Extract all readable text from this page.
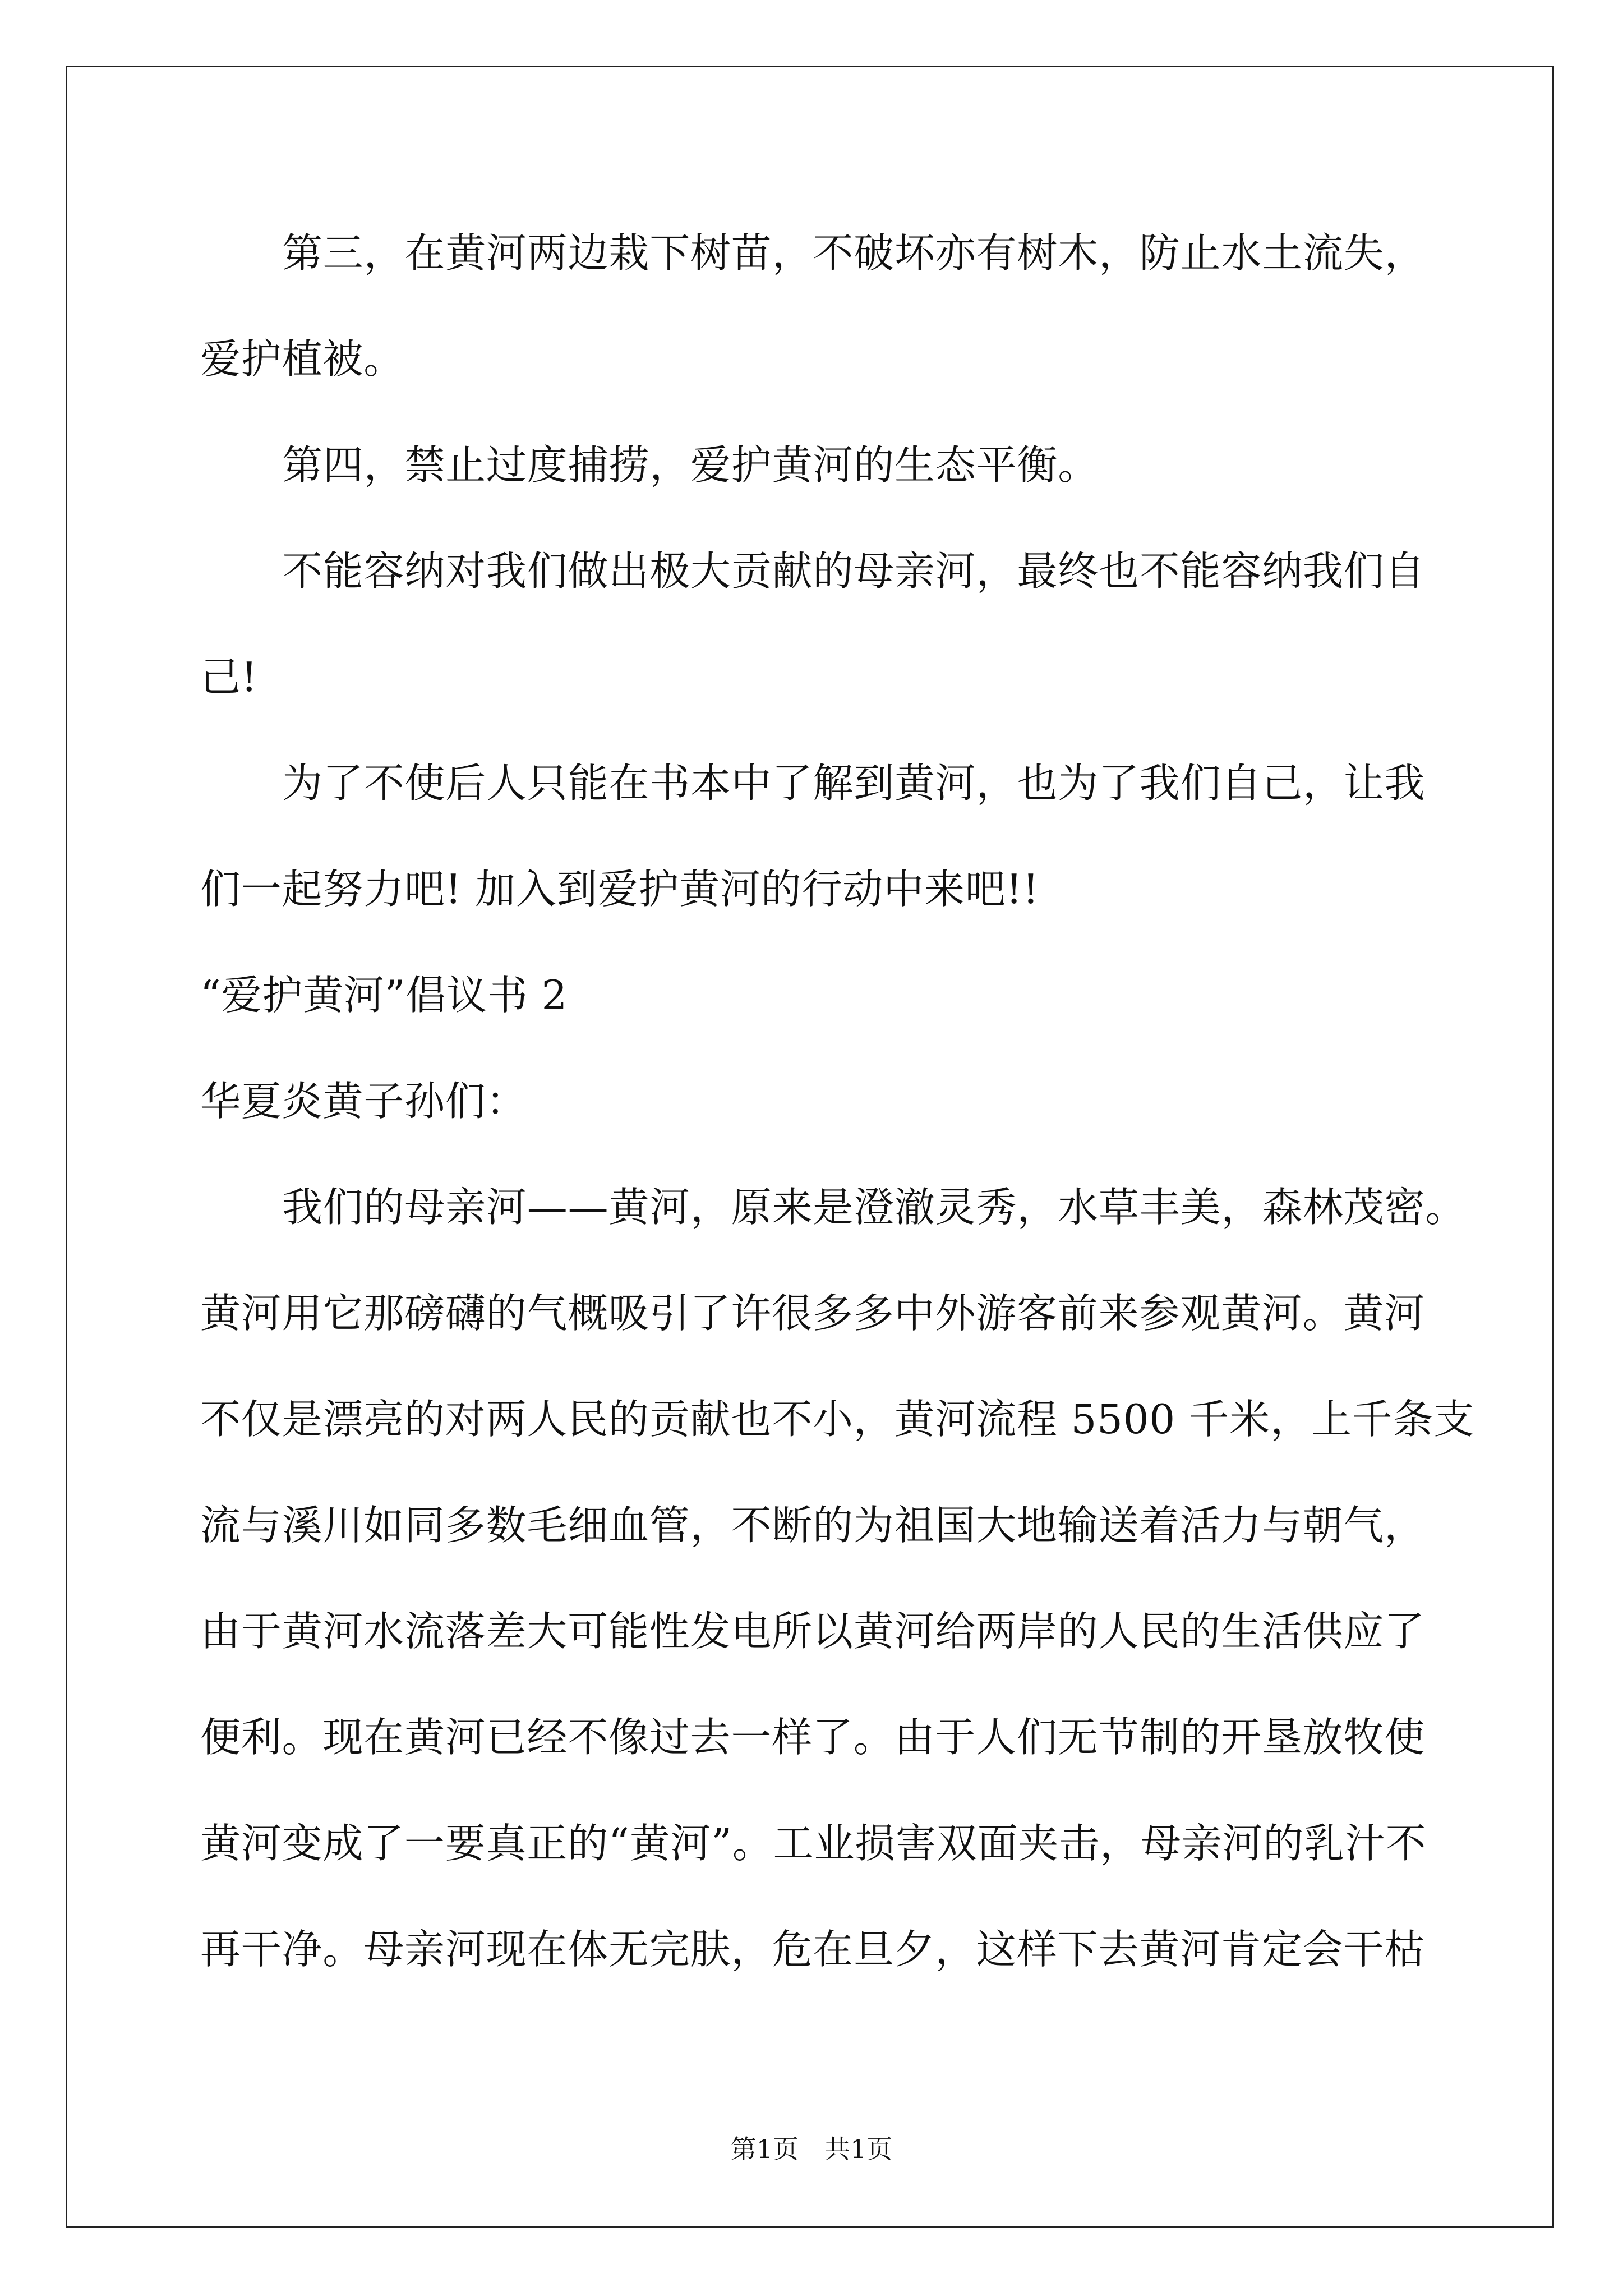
第三，在黄河两边栽下树苗，不破坏亦有树木，防止水土流失，
爱护植被。
第四，禁止过度捕捞，爱护黄河的生态平衡。
不能容纳对我们做出极大贡献的母亲河，最终也不能容纳我们自
己!
为了不使后人只能在书本中了解到黄河，也为了我们自己，让我
们一起努力吧! 加入到爱护黄河的行动中来吧!!
“爱护黄河”倡议书 2
华夏炎黄子孙们：
我们的母亲河——黄河，原来是澄澈灵秀，水草丰美，森林茂密。
黄河用它那磅礴的气概吸引了许很多多中外游客前来参观黄河。黄河
不仅是漂亮的对两人民的贡献也不小，黄河流程 5500 千米，上千条支
流与溪川如同多数毛细血管，不断的为祖国大地输送着活力与朝气，
由于黄河水流落差大可能性发电所以黄河给两岸的人民的生活供应了
便利。现在黄河已经不像过去一样了。由于人们无节制的开垦放牧使
黄河变成了一要真正的“黄河”。工业损害双面夹击，母亲河的乳汁不
再干净。母亲河现在体无完肤，危在旦夕，这样下去黄河肯定会干枯
第1页　共1页
